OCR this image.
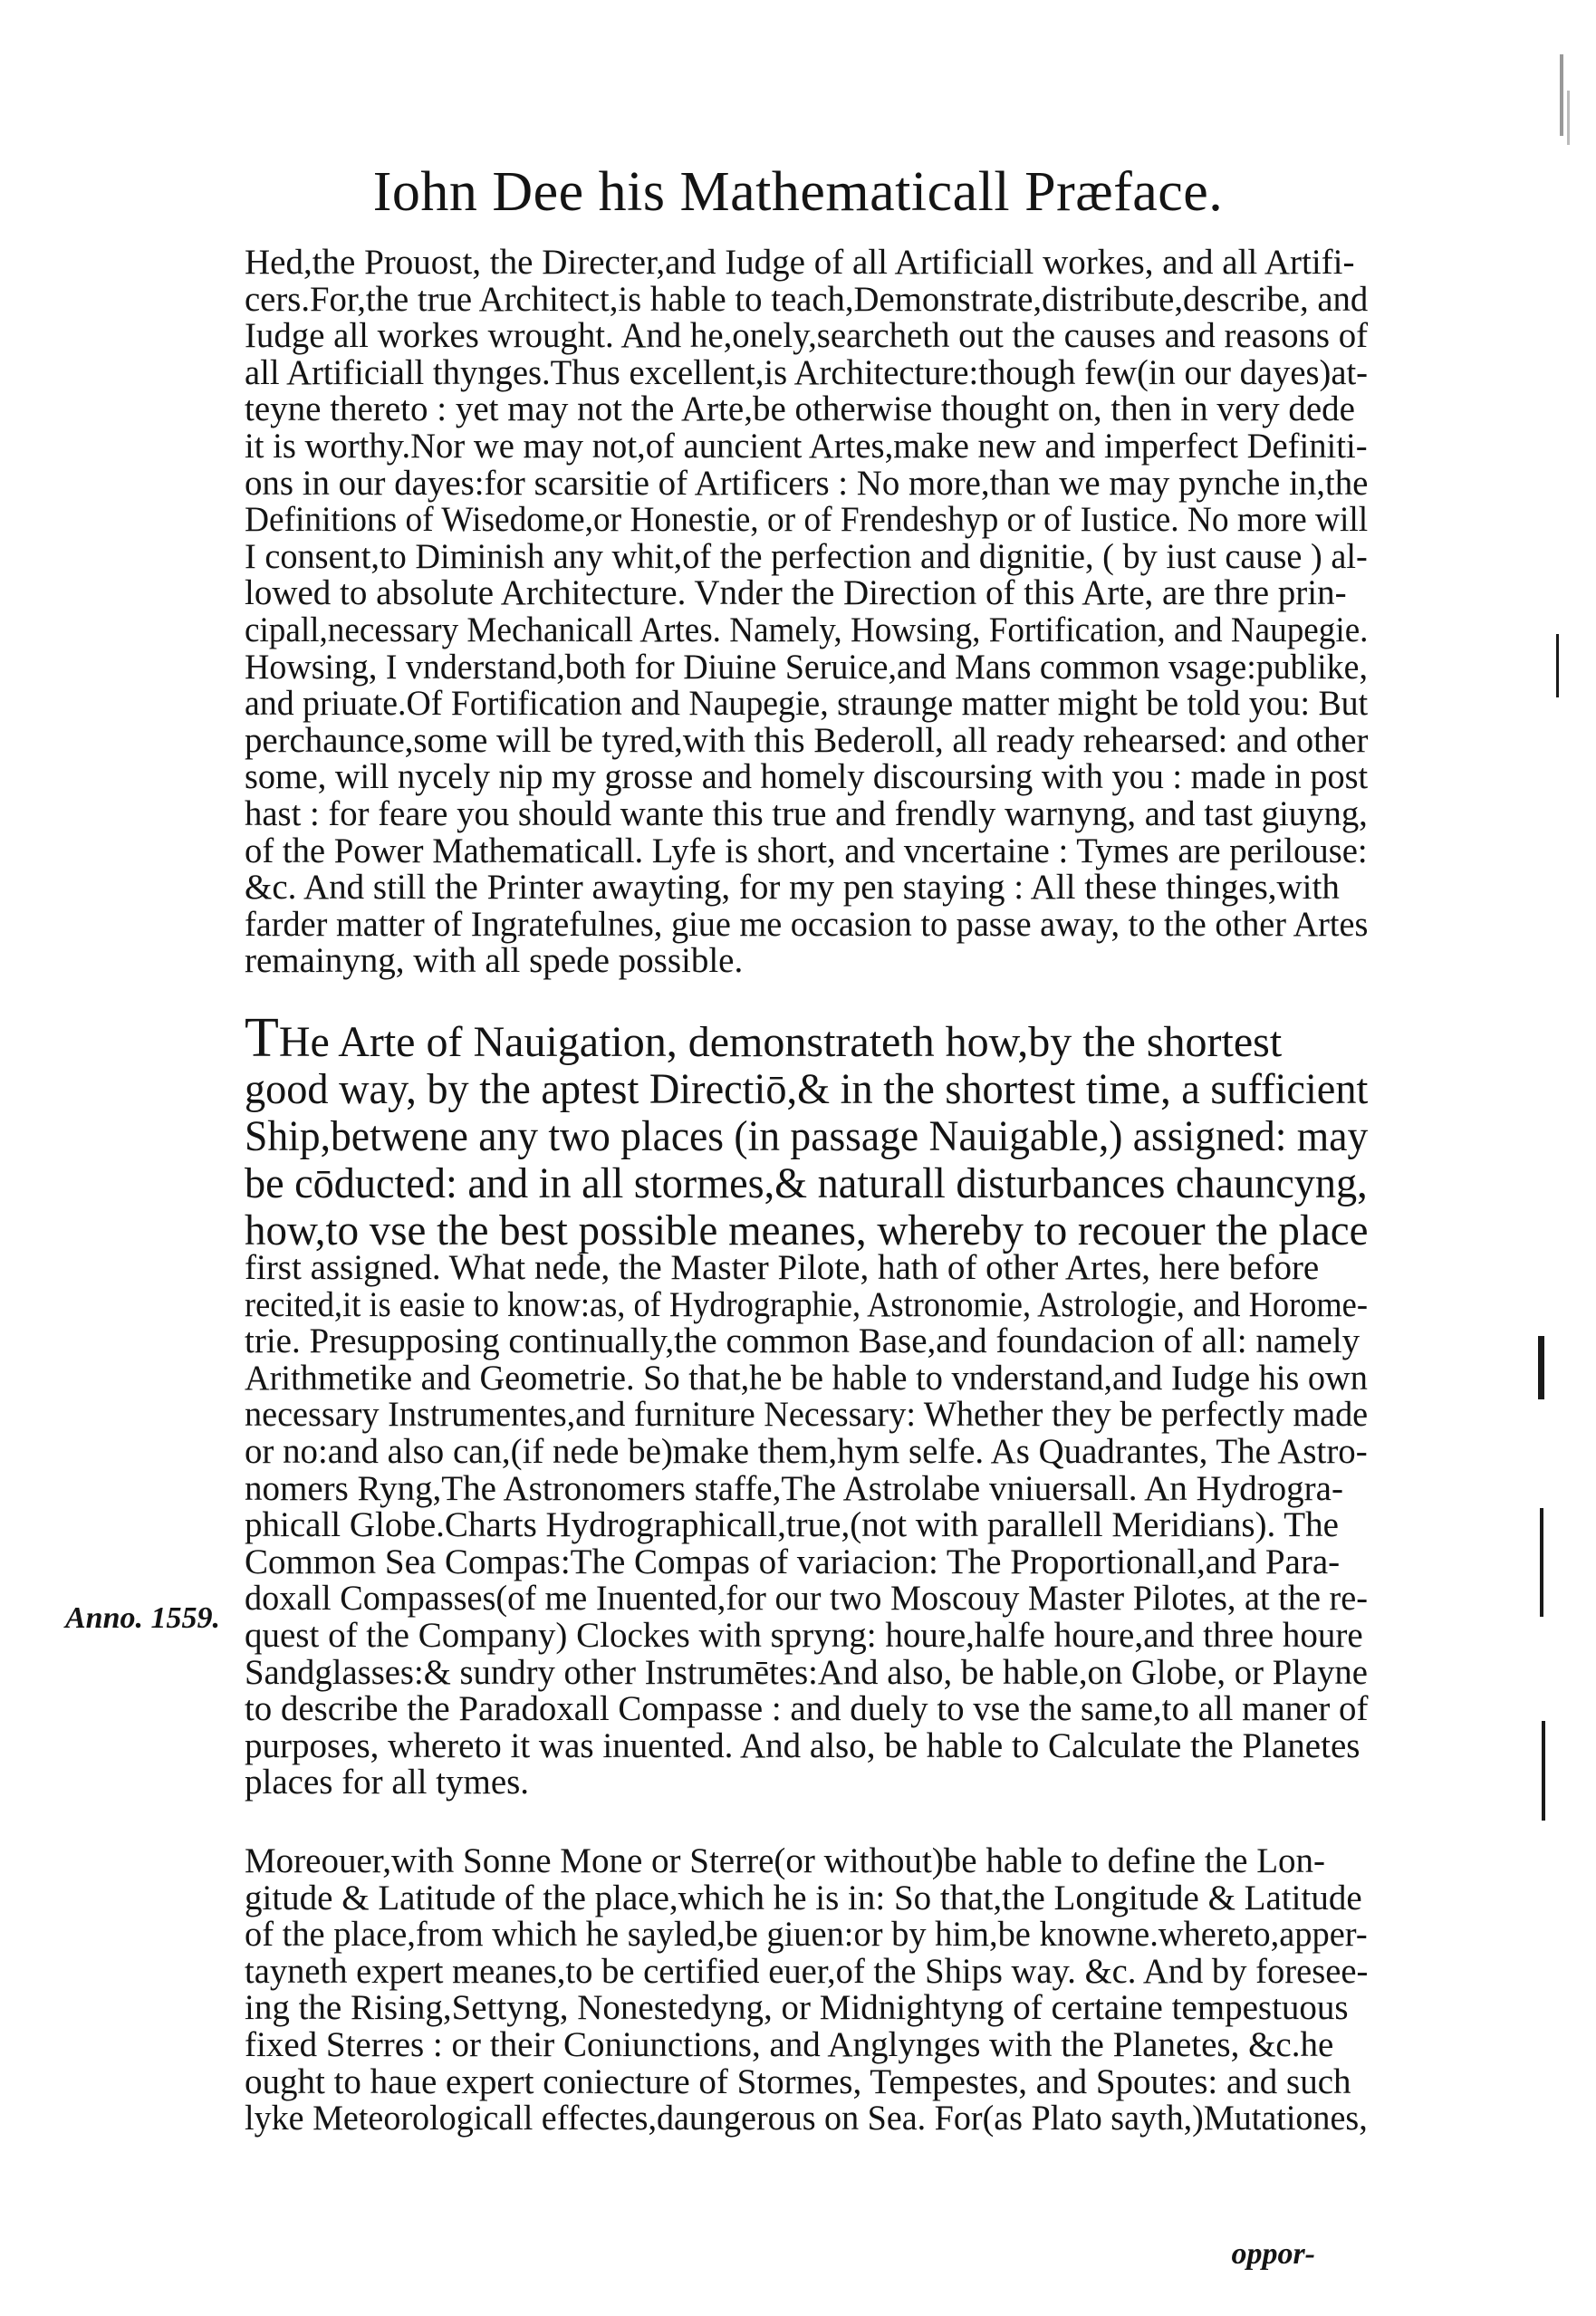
Iohn Dee his Mathematicall Præface.
Hed,the Prouost, the Directer,and Iudge of all Artificiall workes, and all Artifi-
cers.For,the true Architect,is hable to teach,Demonstrate,distribute,describe, and
Iudge all workes wrought. And he,onely,searcheth out the causes and reasons of
all Artificiall thynges.Thus excellent,is Architecture:though few(in our dayes)at-
teyne thereto : yet may not the Arte,be otherwise thought on, then in very dede
it is worthy.Nor we may not,of auncient Artes,make new and imperfect Definiti-
ons in our dayes:for scarsitie of Artificers : No more,than we may pynche in,the
Definitions of Wisedome,or Honestie, or of Frendeshyp or of Iustice. No more will
I consent,to Diminish any whit,of the perfection and dignitie, ( by iust cause ) al-
lowed to absolute Architecture. Vnder the Direction of this Arte, are thre prin-
cipall,necessary Mechanicall Artes. Namely, Howsing, Fortification, and Naupegie.
Howsing, I vnderstand,both for Diuine Seruice,and Mans common vsage:publike,
and priuate.Of Fortification and Naupegie, straunge matter might be told you: But
perchaunce,some will be tyred,with this Bederoll, all ready rehearsed: and other
some, will nycely nip my grosse and homely discoursing with you : made in post
hast : for feare you should wante this true and frendly warnyng, and tast giuyng,
of the Power Mathematicall. Lyfe is short, and vncertaine : Tymes are perilouse:
&c. And still the Printer awayting, for my pen staying : All these thinges,with
farder matter of Ingratefulnes, giue me occasion to passe away, to the other Artes
remainyng, with all spede possible.
THe Arte of Nauigation, demonstrateth how,by the shortest
good way, by the aptest Directiō,& in the shortest time, a sufficient
Ship,betwene any two places (in passage Nauigable,) assigned: may
be cōducted: and in all stormes,& naturall disturbances chauncyng,
how,to vse the best possible meanes, whereby to recouer the place
first assigned. What nede, the Master Pilote, hath of other Artes, here before
recited,it is easie to know:as, of Hydrographie, Astronomie, Astrologie, and Horome-
trie. Presupposing continually,the common Base,and foundacion of all: namely
Arithmetike and Geometrie. So that,he be hable to vnderstand,and Iudge his own
necessary Instrumentes,and furniture Necessary: Whether they be perfectly made
or no:and also can,(if nede be)make them,hym selfe. As Quadrantes, The Astro-
nomers Ryng,The Astronomers staffe,The Astrolabe vniuersall. An Hydrogra-
phicall Globe.Charts Hydrographicall,true,(not with parallell Meridians). The
Common Sea Compas:The Compas of variacion: The Proportionall,and Para-
doxall Compasses(of me Inuented,for our two Moscouy Master Pilotes, at the re-
quest of the Company) Clockes with spryng: houre,halfe houre,and three houre
Sandglasses:& sundry other Instrumētes:And also, be hable,on Globe, or Playne
to describe the Paradoxall Compasse : and duely to vse the same,to all maner of
purposes, whereto it was inuented. And also, be hable to Calculate the Planetes
places for all tymes.
Moreouer,with Sonne Mone or Sterre(or without)be hable to define the Lon-
gitude & Latitude of the place,which he is in: So that,the Longitude & Latitude
of the place,from which he sayled,be giuen:or by him,be knowne.whereto,apper-
tayneth expert meanes,to be certified euer,of the Ships way. &c. And by foresee-
ing the Rising,Settyng, Nonestedyng, or Midnightyng of certaine tempestuous
fixed Sterres : or their Coniunctions, and Anglynges with the Planetes, &c.he
ought to haue expert coniecture of Stormes, Tempestes, and Spoutes: and such
lyke Meteorologicall effectes,daungerous on Sea. For(as Plato sayth,)Mutationes,
Anno. 1559.
oppor-
